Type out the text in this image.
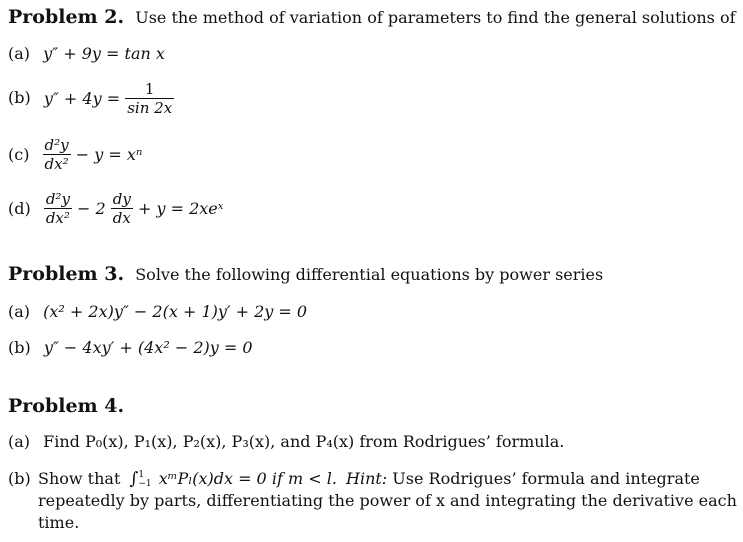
Problem 2. Use the method of variation of parameters to find the general solutions of
(a) y″ + 9y = tan x
(b) $y'' + 4y = \frac{1}{\sin 2x}$
$(c) \frac{\text{d²y}}{\text{dx²}} - y = x^n$
$(d) \frac{\text{d²y}}{\text{dx²}} - 2 \frac{dy}{dx} + y$ = 2xeˣ
Problem 3. Solve the following differential equations by power series
(a) (x² + 2x)y″ − 2(x + 1)y′ + 2y = 0
(b) y″ − 4xy′ + (4x² − 2)y = 0
Problem 4.
(a) Find P₀(x), P₁(x), P₂(x), P₃(x), and P₄(x) from Rodrigues’ formula.
(b) Show that ∫ 1
−1 xᵐPₗ(x)dx = 0 if m < l. Hint: Use Rodrigues’ formula and integrate
repeatedly by parts, differentiating the power of x and integrating the derivative each
time.
